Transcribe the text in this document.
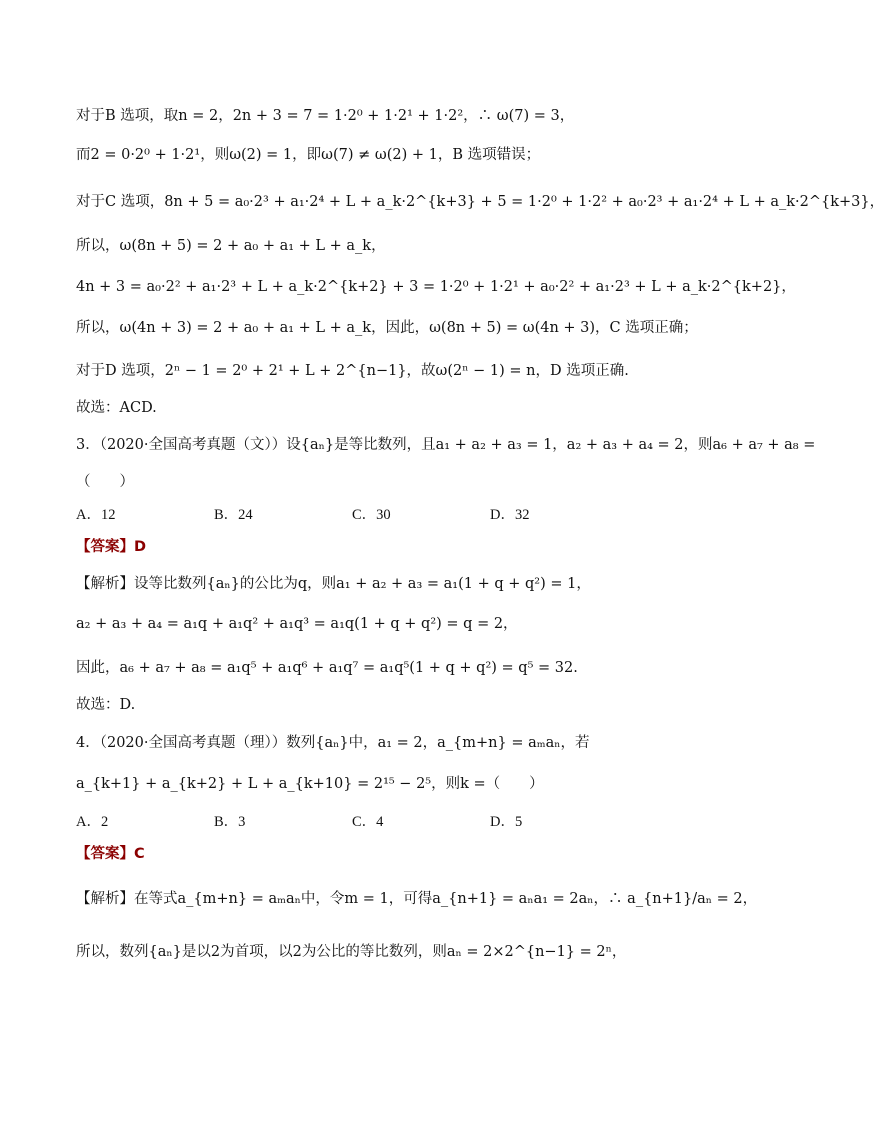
对于B 选项，取n = 2，2n + 3 = 7 = 1·2⁰ + 1·2¹ + 1·2²，∴ ω(7) = 3，
而2 = 0·2⁰ + 1·2¹，则ω(2) = 1，即ω(7) ≠ ω(2) + 1，B 选项错误；
对于C 选项，8n + 5 = a₀·2³ + a₁·2⁴ + L + a_k·2^{k+3} + 5 = 1·2⁰ + 1·2² + a₀·2³ + a₁·2⁴ + L + a_k·2^{k+3}，
所以，ω(8n + 5) = 2 + a₀ + a₁ + L + a_k，
4n + 3 = a₀·2² + a₁·2³ + L + a_k·2^{k+2} + 3 = 1·2⁰ + 1·2¹ + a₀·2² + a₁·2³ + L + a_k·2^{k+2}，
所以，ω(4n + 3) = 2 + a₀ + a₁ + L + a_k，因此，ω(8n + 5) = ω(4n + 3)，C 选项正确；
对于D 选项，2ⁿ − 1 = 2⁰ + 2¹ + L + 2^{n−1}，故ω(2ⁿ − 1) = n，D 选项正确.
故选：ACD.
3．（2020·全国高考真题（文））设{aₙ}是等比数列，且a₁ + a₂ + a₃ = 1，a₂ + a₃ + a₄ = 2，则a₆ + a₇ + a₈ =
（　　）
A．12	B．24	C．30	D．32
【答案】D
【解析】设等比数列{aₙ}的公比为q，则a₁ + a₂ + a₃ = a₁(1 + q + q²) = 1，
a₂ + a₃ + a₄ = a₁q + a₁q² + a₁q³ = a₁q(1 + q + q²) = q = 2，
因此，a₆ + a₇ + a₈ = a₁q⁵ + a₁q⁶ + a₁q⁷ = a₁q⁵(1 + q + q²) = q⁵ = 32.
故选：D.
4．（2020·全国高考真题（理））数列{aₙ}中，a₁ = 2，a_{m+n} = aₘaₙ，若
a_{k+1} + a_{k+2} + L + a_{k+10} = 2¹⁵ − 2⁵，则k =（　　）
A．2	B．3	C．4	D．5
【答案】C
【解析】在等式a_{m+n} = aₘaₙ中，令m = 1，可得a_{n+1} = aₙa₁ = 2aₙ，∴ a_{n+1}/aₙ = 2，
所以，数列{aₙ}是以2为首项，以2为公比的等比数列，则aₙ = 2×2^{n−1} = 2ⁿ，
